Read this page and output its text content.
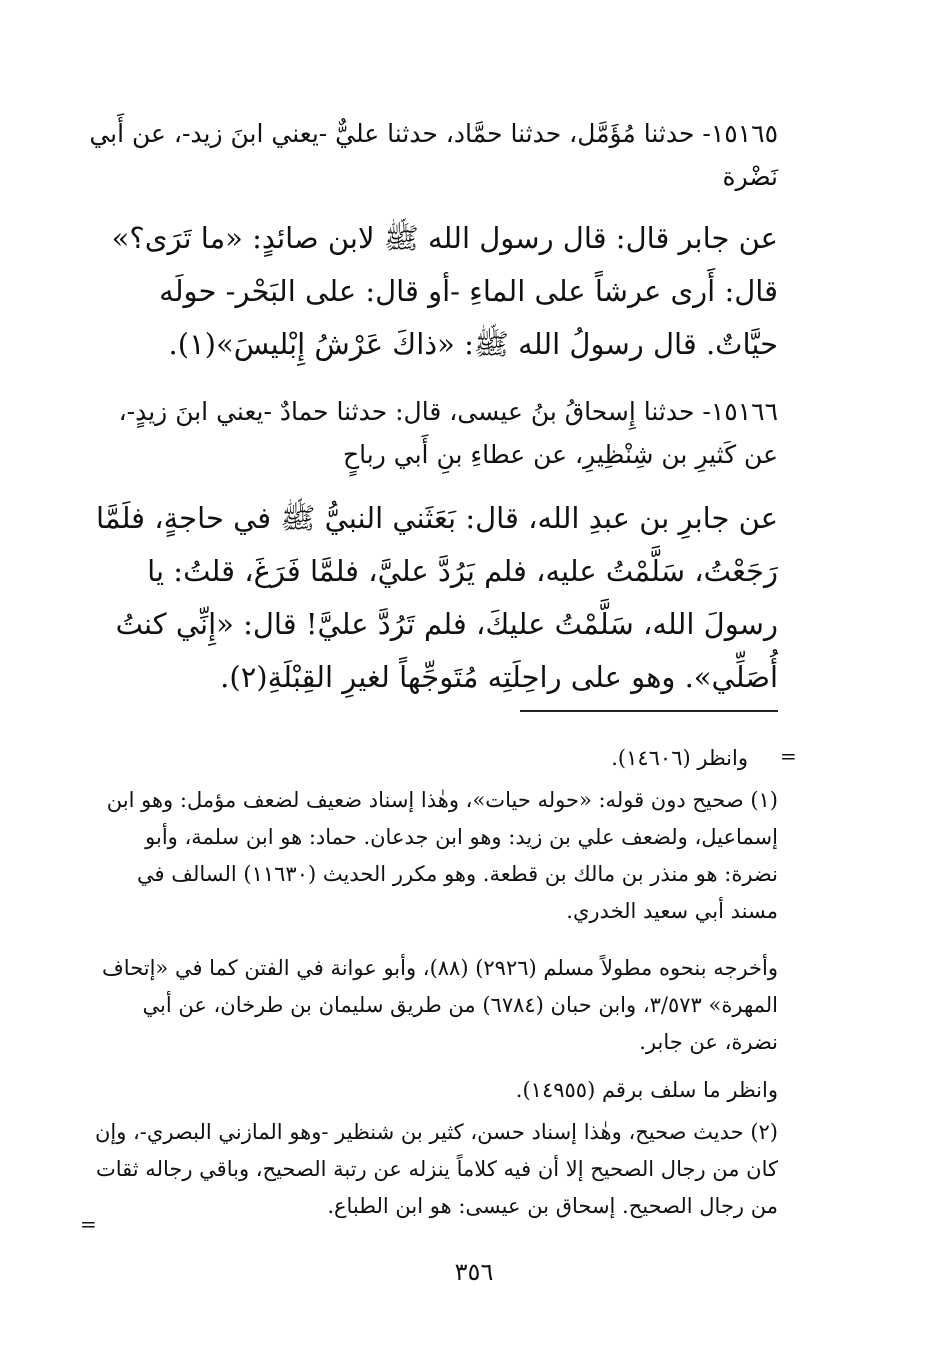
١٥١٦٥- حدثنا مُؤَمَّل، حدثنا حمَّاد، حدثنا عليٌّ -يعني ابنَ زيد-، عن أَبي نَضْرة

عن جابر قال: قال رسول الله ﷺ لابن صائدٍ: «ما تَرَى؟» قال: أَرى عرشاً على الماءِ -أو قال: على البَحْر- حولَه حيَّاتٌ. قال رسولُ الله ﷺ: «ذاكَ عَرْشُ إِبْليسَ»(١).

١٥١٦٦- حدثنا إِسحاقُ بنُ عيسى، قال: حدثنا حمادٌ -يعني ابنَ زيدٍ-، عن كَثيرِ بن شِنْظِيرِ، عن عطاءِ بنِ أَبي رباحٍ

عن جابرِ بن عبدِ الله، قال: بَعَثَني النبيُّ ﷺ في حاجةٍ، فلَمَّا رَجَعْتُ، سَلَّمْتُ عليه، فلم يَرُدَّ عليَّ، فلمَّا فَرَغَ، قلتُ: يا رسولَ الله، سَلَّمْتُ عليكَ، فلم تَرُدَّ عليَّ! قال: «إِنِّي كنتُ أُصَلِّي». وهو على راحِلَتِه مُتَوجِّهاً لغيرِ القِبْلَةِ(٢).

=

وانظر (١٤٦٠٦).

(١) صحيح دون قوله: «حوله حيات»، وهٰذا إسناد ضعيف لضعف مؤمل: وهو ابن إسماعيل، ولضعف علي بن زيد: وهو ابن جدعان. حماد: هو ابن سلمة، وأبو نضرة: هو منذر بن مالك بن قطعة. وهو مكرر الحديث (١١٦٣٠) السالف في مسند أبي سعيد الخدري.

وأخرجه بنحوه مطولاً مسلم (٢٩٢٦) (٨٨)، وأبو عوانة في الفتن كما في «إتحاف المهرة» ٣/٥٧٣، وابن حبان (٦٧٨٤) من طريق سليمان بن طرخان، عن أبي نضرة، عن جابر.

وانظر ما سلف برقم (١٤٩٥٥).

(٢) حديث صحيح، وهٰذا إسناد حسن، كثير بن شنظير -وهو المازني البصري-، وإن كان من رجال الصحيح إلا أن فيه كلاماً ينزله عن رتبة الصحيح، وباقي رجاله ثقات من رجال الصحيح. إسحاق بن عيسى: هو ابن الطباع.

=
٣٥٦
